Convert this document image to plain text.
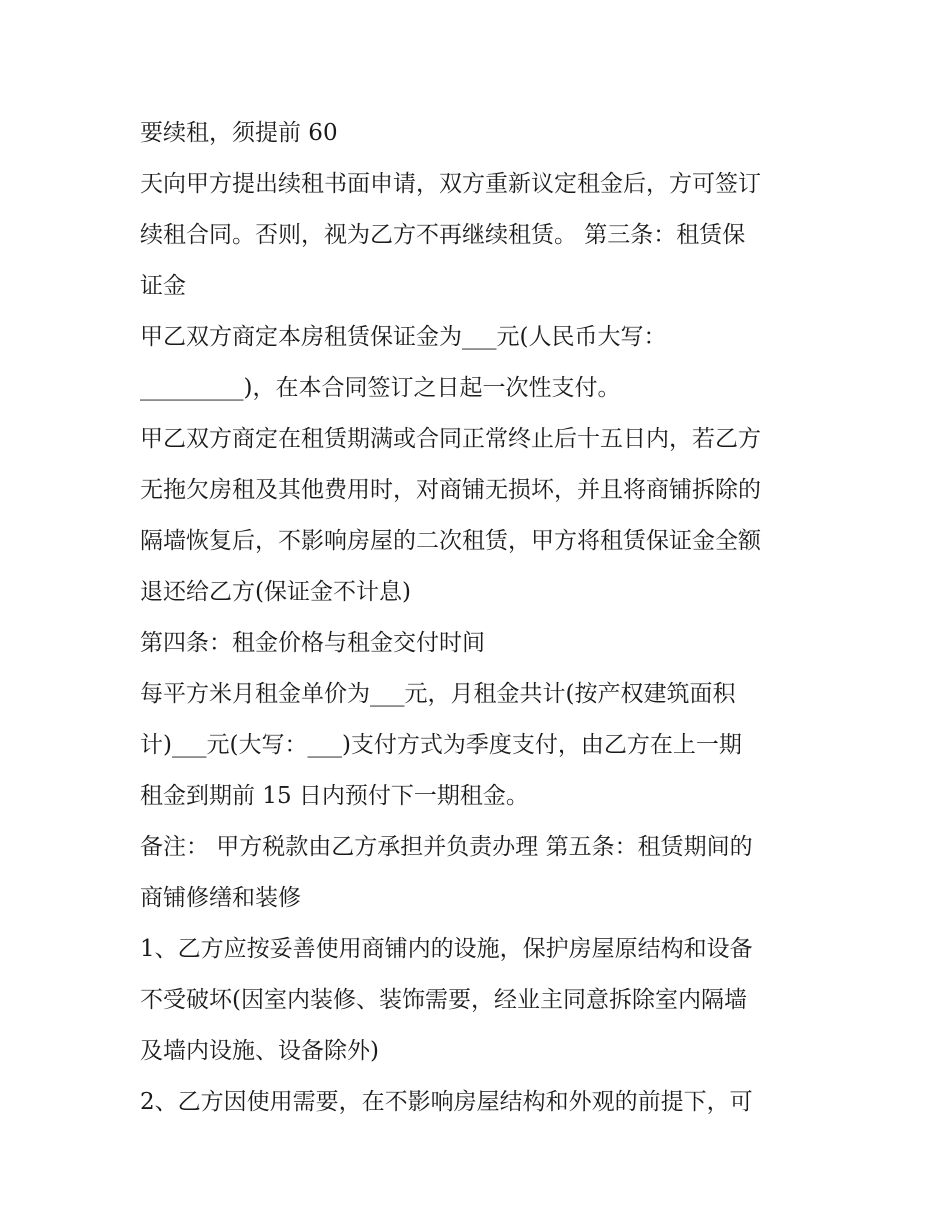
要续租，须提前 60
天向甲方提出续租书面申请，双方重新议定租金后，方可签订
续租合同。否则，视为乙方不再继续租赁。 第三条：租赁保
证金
甲乙双方商定本房租赁保证金为___元(人民币大写：
_________)，在本合同签订之日起一次性支付。
甲乙双方商定在租赁期满或合同正常终止后十五日内，若乙方
无拖欠房租及其他费用时，对商铺无损坏，并且将商铺拆除的
隔墙恢复后，不影响房屋的二次租赁，甲方将租赁保证金全额
退还给乙方(保证金不计息)
第四条：租金价格与租金交付时间
每平方米月租金单价为___元，月租金共计(按产权建筑面积
计)___元(大写：___)支付方式为季度支付，由乙方在上一期
租金到期前 15 日内预付下一期租金。
备注： 甲方税款由乙方承担并负责办理 第五条：租赁期间的
商铺修缮和装修
1、乙方应按妥善使用商铺内的设施，保护房屋原结构和设备
不受破坏(因室内装修、装饰需要，经业主同意拆除室内隔墙
及墙内设施、设备除外)
2、乙方因使用需要，在不影响房屋结构和外观的前提下，可
